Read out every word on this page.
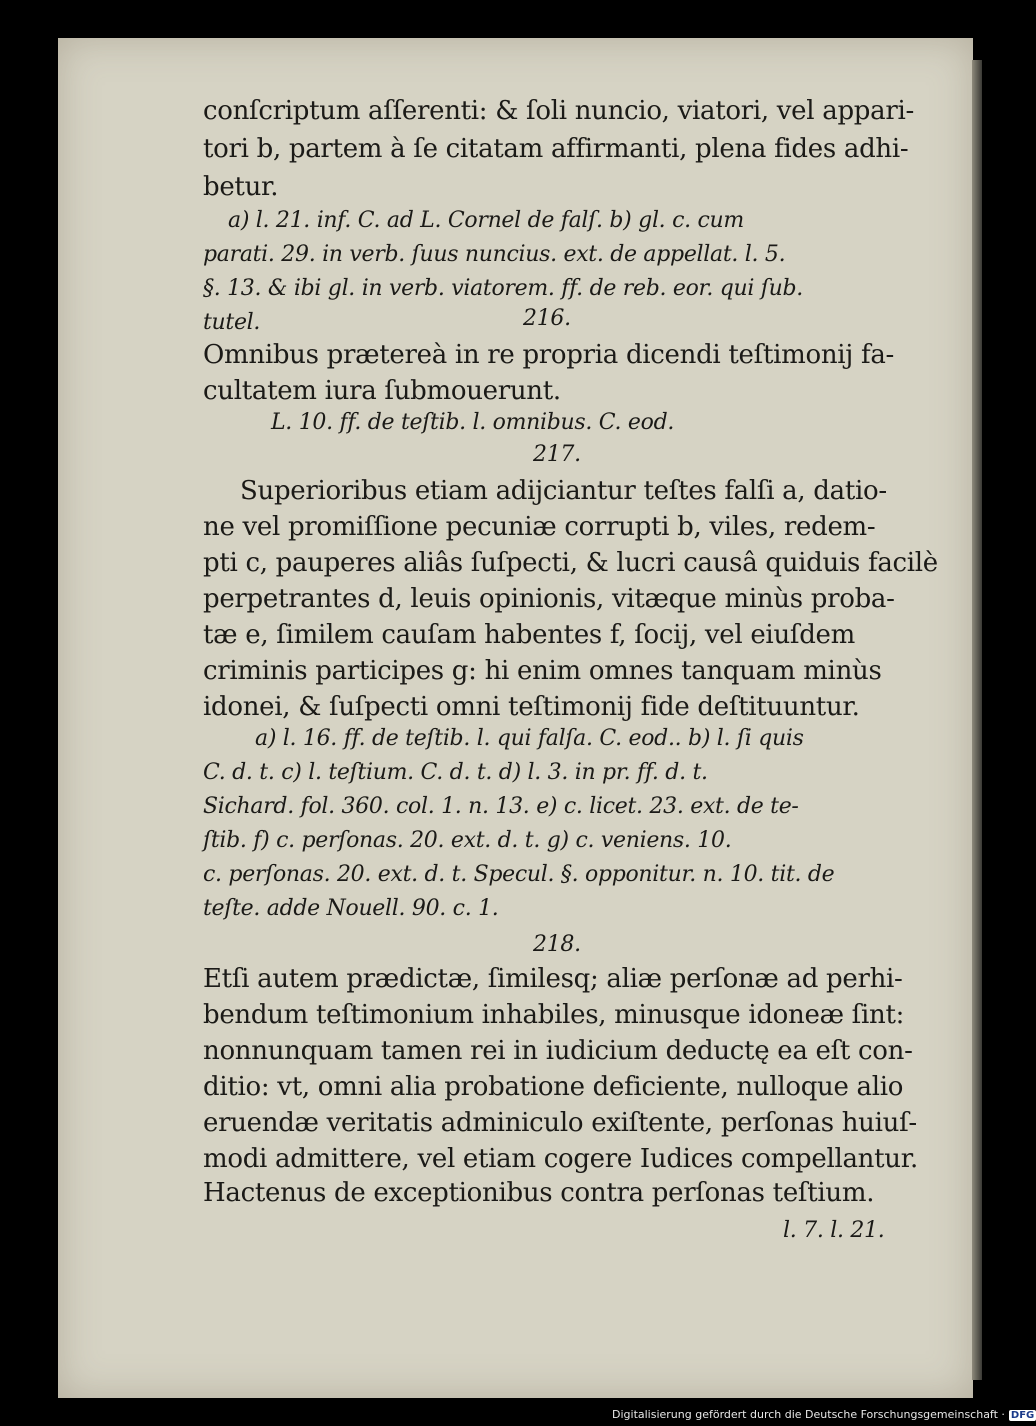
conſcriptum aſſerenti: & ſoli nuncio, viatori, vel appari-
tori b, partem à ſe citatam affirmanti, plena fides adhi-
betur.
a) l. 21. inf. C. ad L. Cornel de falſ. b) gl. c. cum
parati. 29. in verb. ſuus nuncius. ext. de appellat. l. 5.
§. 13. & ibi gl. in verb. viatorem. ff. de reb. eor. qui ſub.
tutel.	216.
Omnibus prætereà in re propria dicendi teſtimonij fa-
cultatem iura ſubmouerunt.
L. 10. ff. de teſtib. l. omnibus. C. eod.
217.
Superioribus etiam adijciantur teſtes falſi a, datio-
ne vel promiſſione pecuniæ corrupti b, viles, redem-
pti c, pauperes aliâs ſuſpecti, & lucri causâ quiduis facilè
perpetrantes d, leuis opinionis, vitæque minùs proba-
tæ e, ſimilem cauſam habentes f, ſocij, vel eiuſdem
criminis participes g: hi enim omnes tanquam minùs
idonei, & ſuſpecti omni teſtimonij fide deſtituuntur.
a) l. 16. ff. de teſtib. l. qui falſa. C. eod.. b) l. ſi quis
C. d. t. c) l. teſtium. C. d. t. d) l. 3. in pr. ff. d. t.
Sichard. fol. 360. col. 1. n. 13. e) c. licet. 23. ext. de te-
ſtib. f) c. perſonas. 20. ext. d. t. g) c. veniens. 10.
c. perſonas. 20. ext. d. t. Specul. §. opponitur. n. 10. tit. de
teſte. adde Nouell. 90. c. 1.
218.
Etſi autem prædictæ, ſimilesq; aliæ perſonæ ad perhi-
bendum teſtimonium inhabiles, minusque idoneæ ſint:
nonnunquam tamen rei in iudicium deductę ea eſt con-
ditio: vt, omni alia probatione deficiente, nulloque alio
eruendæ veritatis adminiculo exiſtente, perſonas huiuſ-
modi admittere, vel etiam cogere Iudices compellantur.
Hactenus de exceptionibus contra perſonas teſtium.
l. 7. l. 21.
Digitalisierung gefördert durch die Deutsche Forschungsgemeinschaft · DFG
